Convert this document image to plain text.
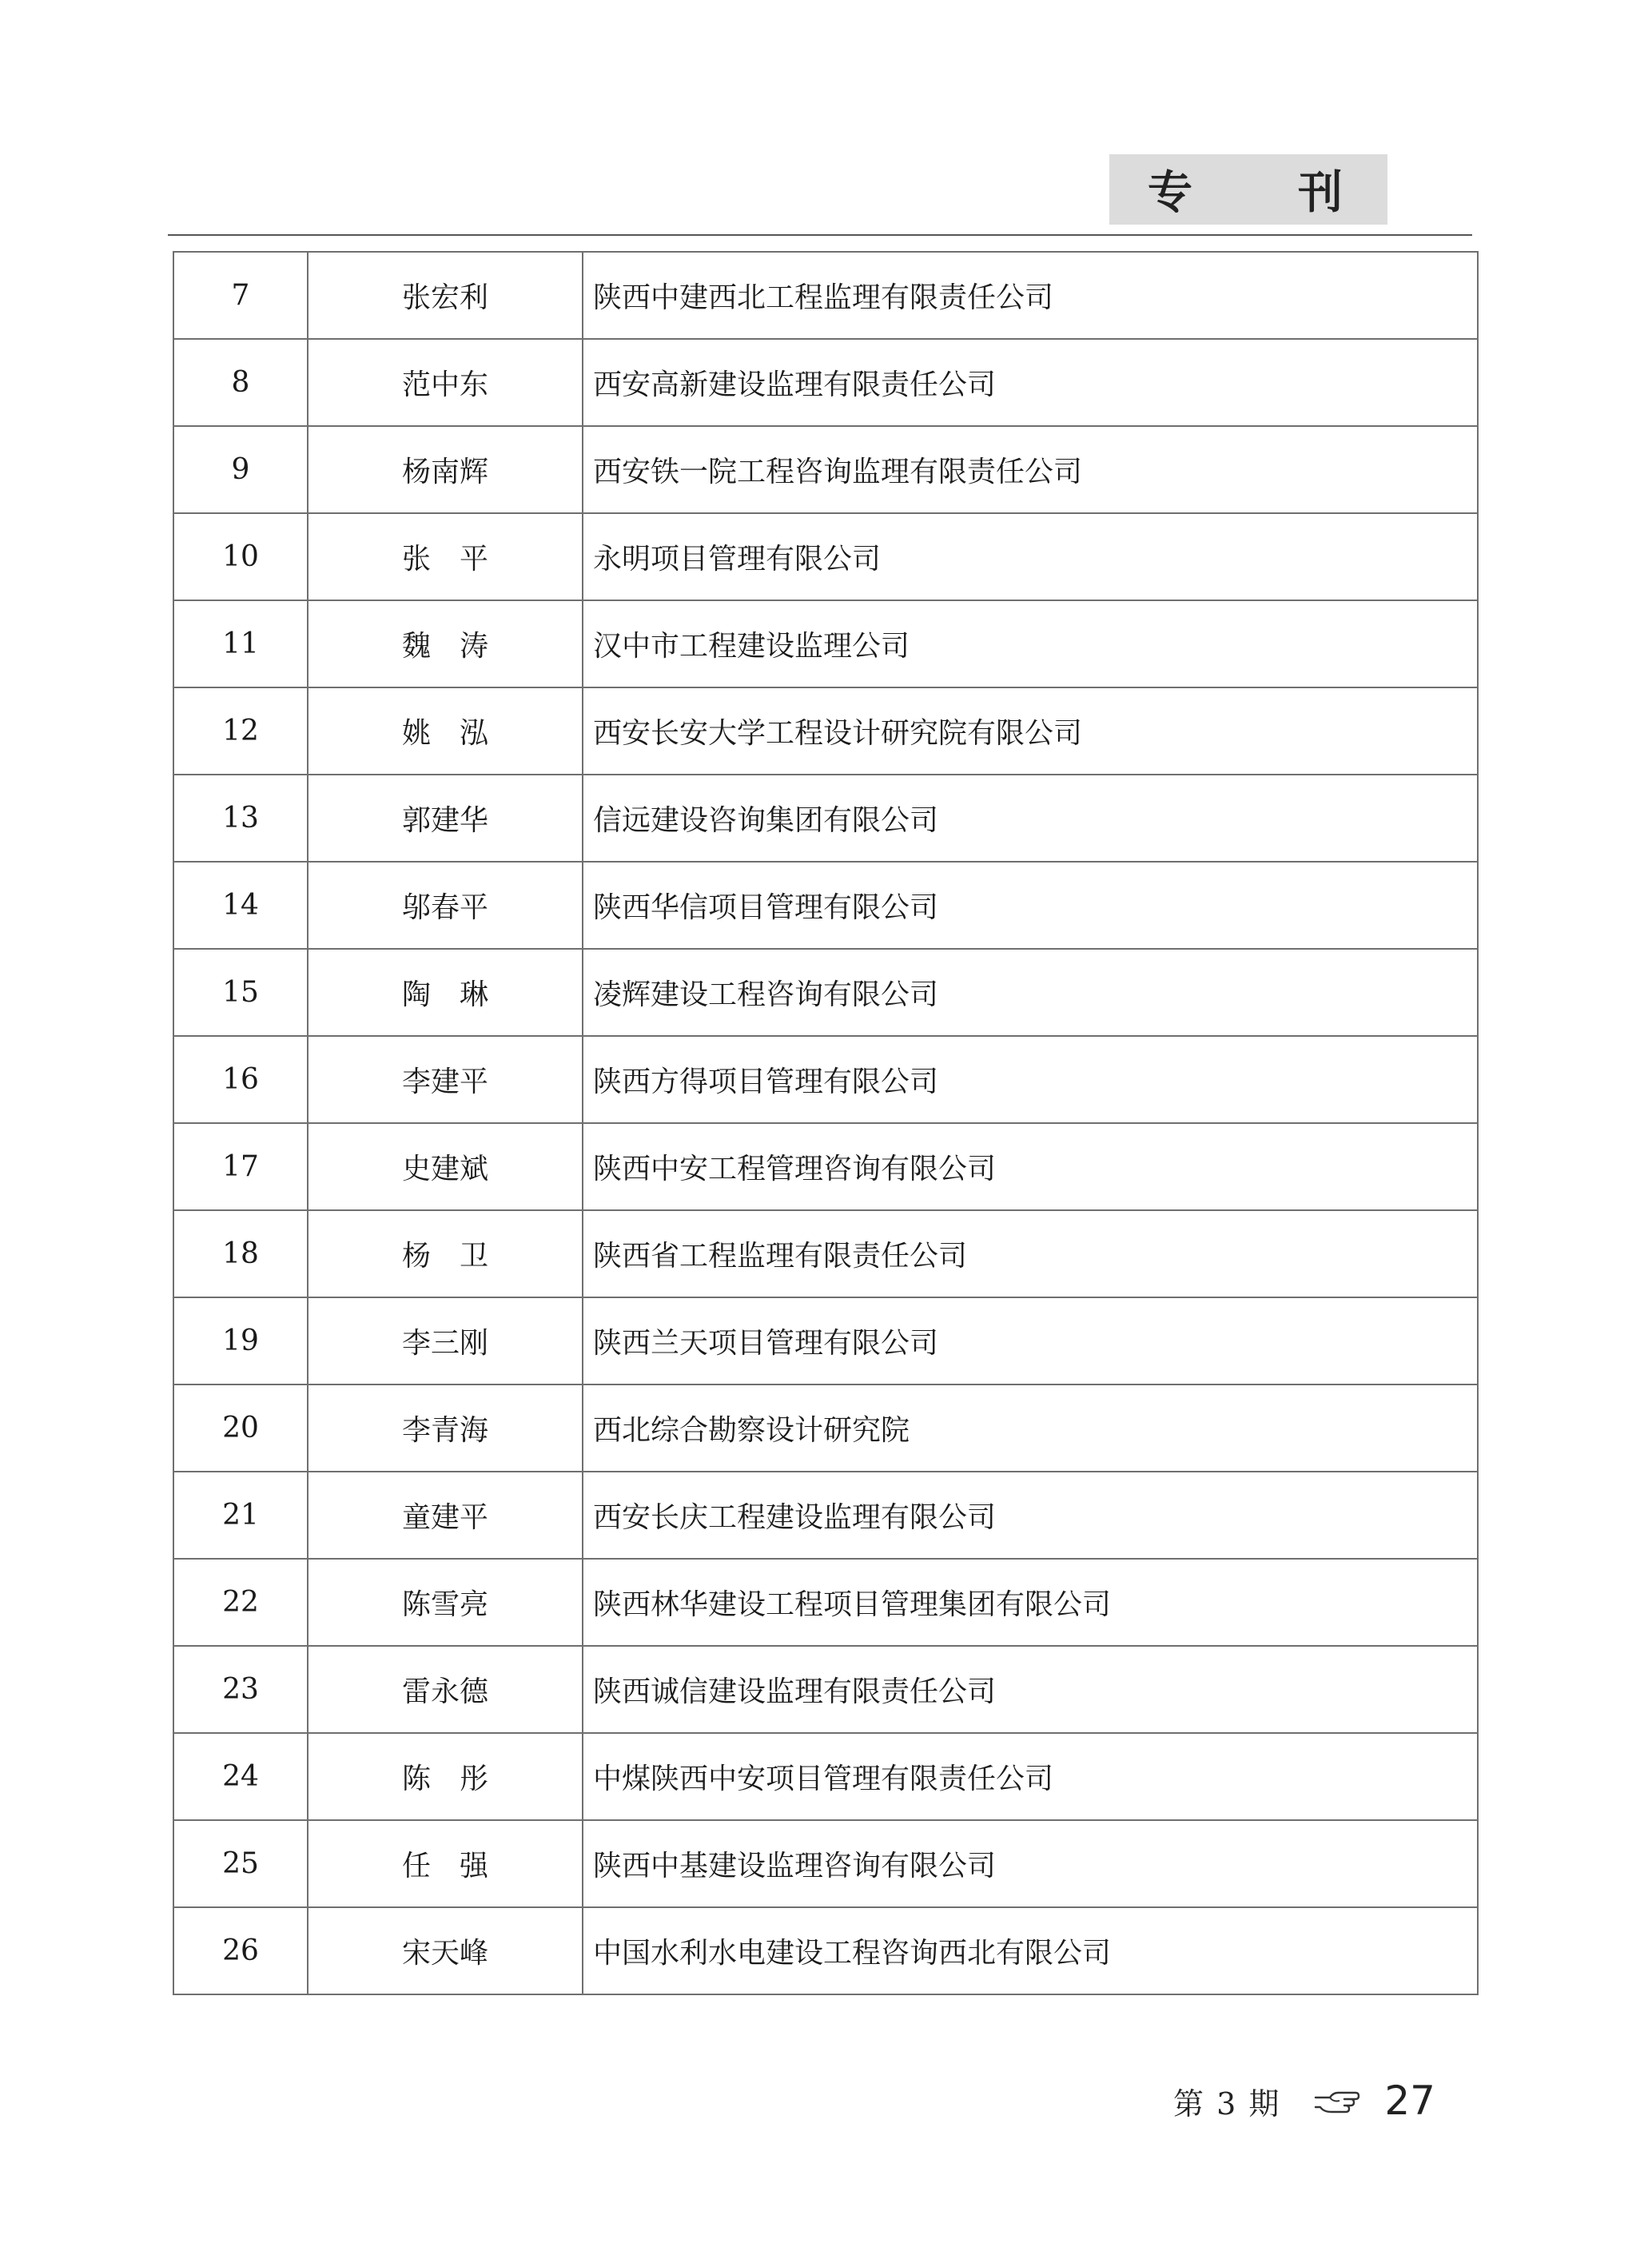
专 刊
7	张宏利	陕西中建西北工程监理有限责任公司
8	范中东	西安高新建设监理有限责任公司
9	杨南辉	西安铁一院工程咨询监理有限责任公司
10	张　平	永明项目管理有限公司
11	魏　涛	汉中市工程建设监理公司
12	姚　泓	西安长安大学工程设计研究院有限公司
13	郭建华	信远建设咨询集团有限公司
14	邬春平	陕西华信项目管理有限公司
15	陶　琳	凌辉建设工程咨询有限公司
16	李建平	陕西方得项目管理有限公司
17	史建斌	陕西中安工程管理咨询有限公司
18	杨　卫	陕西省工程监理有限责任公司
19	李三刚	陕西兰天项目管理有限公司
20	李青海	西北综合勘察设计研究院
21	童建平	西安长庆工程建设监理有限公司
22	陈雪亮	陕西林华建设工程项目管理集团有限公司
23	雷永德	陕西诚信建设监理有限责任公司
24	陈　彤	中煤陕西中安项目管理有限责任公司
25	任　强	陕西中基建设监理咨询有限公司
26	宋天峰	中国水利水电建设工程咨询西北有限公司
第 3 期	27
